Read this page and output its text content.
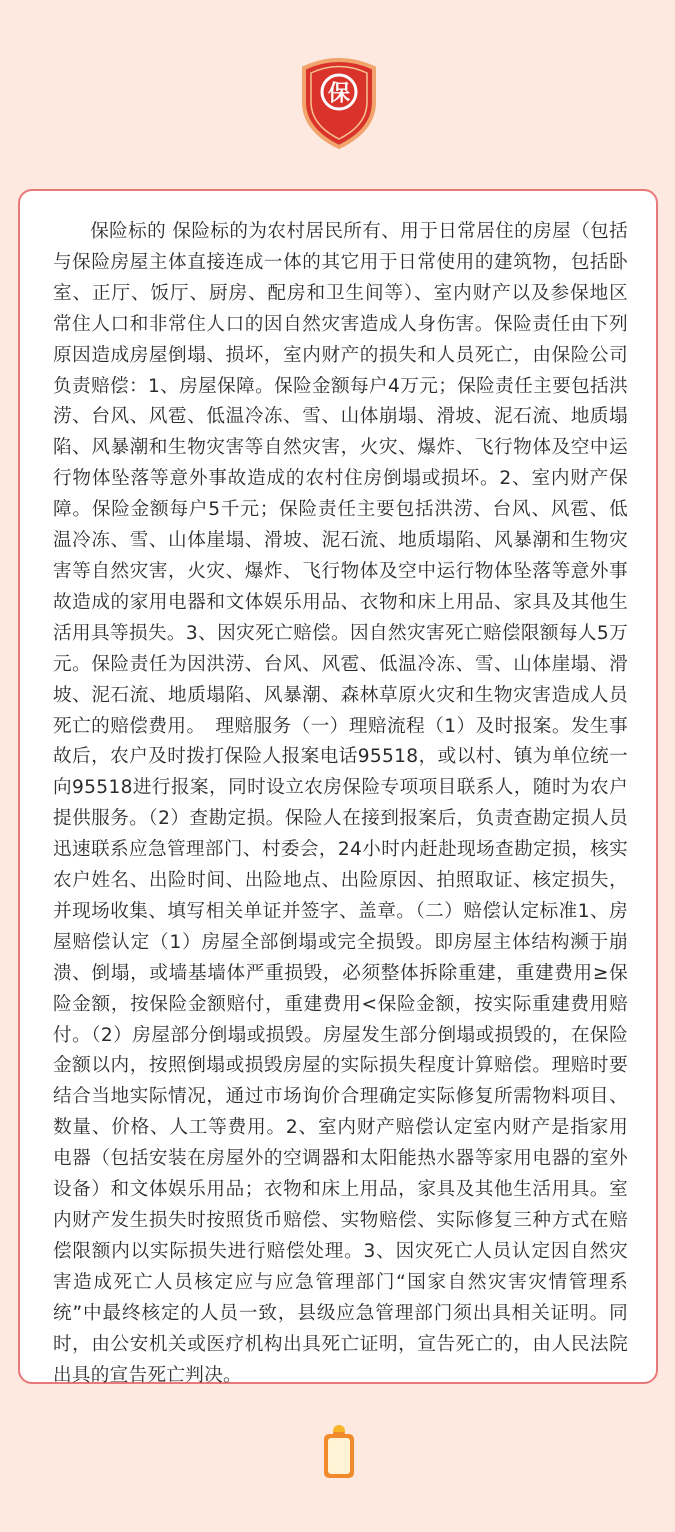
保

保险标的 保险标的为农村居民所有、用于日常居住的房屋（包括与保险房屋主体直接连成一体的其它用于日常使用的建筑物，包括卧室、正厅、饭厅、厨房、配房和卫生间等）、室内财产以及参保地区常住人口和非常住人口的因自然灾害造成人身伤害。保险责任由下列原因造成房屋倒塌、损坏，室内财产的损失和人员死亡，由保险公司负责赔偿：1、房屋保障。保险金额每户4万元；保险责任主要包括洪涝、台风、风雹、低温冷冻、雪、山体崩塌、滑坡、泥石流、地质塌陷、风暴潮和生物灾害等自然灾害，火灾、爆炸、飞行物体及空中运行物体坠落等意外事故造成的农村住房倒塌或损坏。2、室内财产保障。保险金额每户5千元；保险责任主要包括洪涝、台风、风雹、低温冷冻、雪、山体崖塌、滑坡、泥石流、地质塌陷、风暴潮和生物灾害等自然灾害，火灾、爆炸、飞行物体及空中运行物体坠落等意外事故造成的家用电器和文体娱乐用品、衣物和床上用品、家具及其他生活用具等损失。3、因灾死亡赔偿。因自然灾害死亡赔偿限额每人5万元。保险责任为因洪涝、台风、风雹、低温冷冻、雪、山体崖塌、滑坡、泥石流、地质塌陷、风暴潮、森林草原火灾和生物灾害造成人员死亡的赔偿费用。　理赔服务（一）理赔流程（1）及时报案。发生事故后，农户及时拨打保险人报案电话95518，或以村、镇为单位统一向95518进行报案，同时设立农房保险专项项目联系人，随时为农户提供服务。（2）查勘定损。保险人在接到报案后，负责查勘定损人员迅速联系应急管理部门、村委会，24小时内赶赴现场查勘定损，核实农户姓名、出险时间、出险地点、出险原因、拍照取证、核定损失，并现场收集、填写相关单证并签字、盖章。（二）赔偿认定标准1、房屋赔偿认定（1）房屋全部倒塌或完全损毁。即房屋主体结构濒于崩溃、倒塌，或墙基墙体严重损毁，必须整体拆除重建，重建费用≥保险金额，按保险金额赔付，重建费用<保险金额，按实际重建费用赔付。（2）房屋部分倒塌或损毁。房屋发生部分倒塌或损毁的，在保险金额以内，按照倒塌或损毁房屋的实际损失程度计算赔偿。理赔时要结合当地实际情况，通过市场询价合理确定实际修复所需物料项目、数量、价格、人工等费用。2、室内财产赔偿认定室内财产是指家用电器（包括安装在房屋外的空调器和太阳能热水器等家用电器的室外设备）和文体娱乐用品；衣物和床上用品，家具及其他生活用具。室内财产发生损失时按照货币赔偿、实物赔偿、实际修复三种方式在赔偿限额内以实际损失进行赔偿处理。3、因灾死亡人员认定因自然灾害造成死亡人员核定应与应急管理部门“国家自然灾害灾情管理系统”中最终核定的人员一致，县级应急管理部门须出具相关证明。同时，由公安机关或医疗机构出具死亡证明，宣告死亡的，由人民法院出具的宣告死亡判决。
